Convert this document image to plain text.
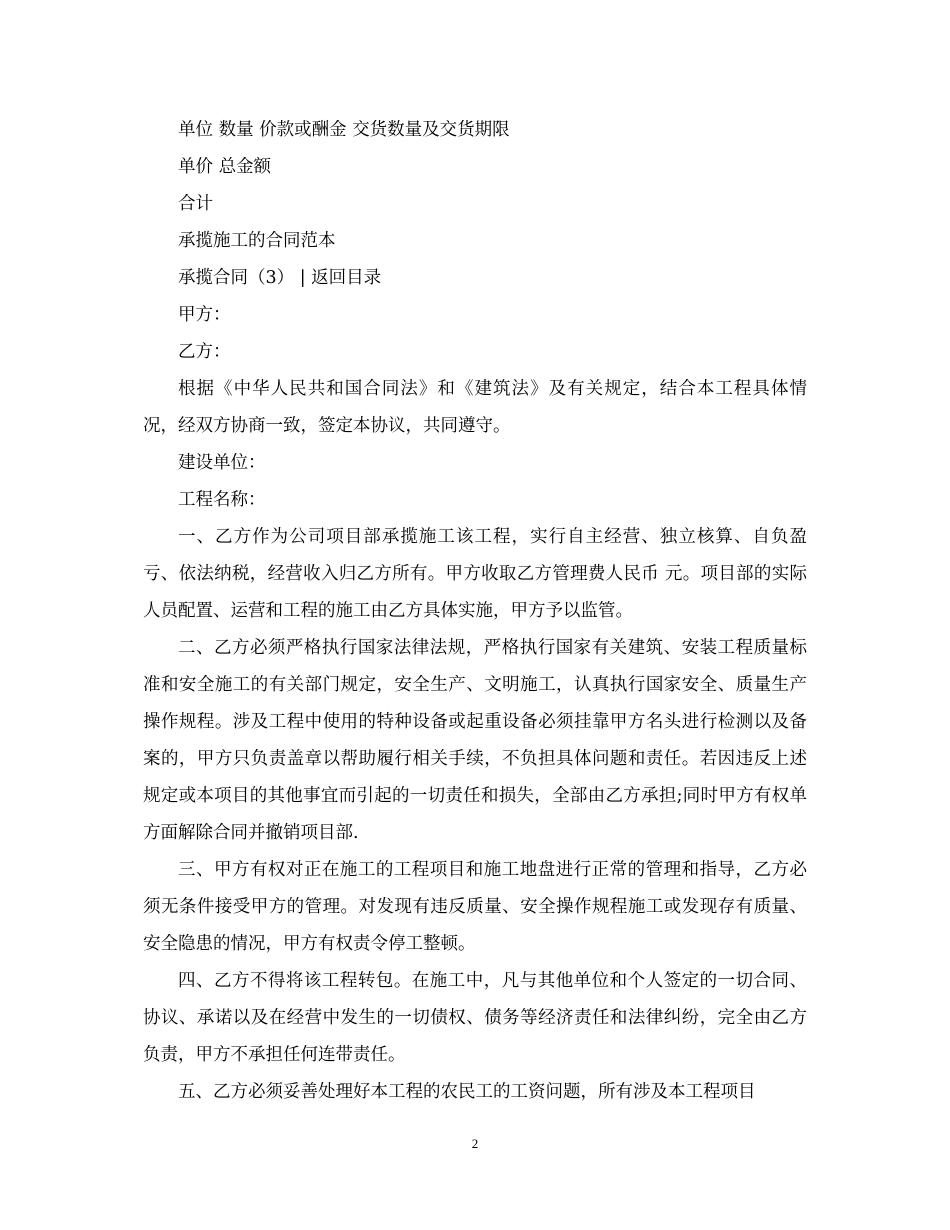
单位 数量 价款或酬金 交货数量及交货期限

单价 总金额

合计

承揽施工的合同范本

承揽合同（3） | 返回目录

甲方：

乙方：

根据《中华人民共和国合同法》和《建筑法》及有关规定，结合本工程具体情况，经双方协商一致，签定本协议，共同遵守。

建设单位：

工程名称：

一、乙方作为公司项目部承揽施工该工程，实行自主经营、独立核算、自负盈亏、依法纳税，经营收入归乙方所有。甲方收取乙方管理费人民币 元。项目部的实际人员配置、运营和工程的施工由乙方具体实施，甲方予以监管。

二、乙方必须严格执行国家法律法规，严格执行国家有关建筑、安装工程质量标准和安全施工的有关部门规定，安全生产、文明施工，认真执行国家安全、质量生产操作规程。涉及工程中使用的特种设备或起重设备必须挂靠甲方名头进行检测以及备案的，甲方只负责盖章以帮助履行相关手续，不负担具体问题和责任。若因违反上述规定或本项目的其他事宜而引起的一切责任和损失，全部由乙方承担;同时甲方有权单方面解除合同并撤销项目部.

三、甲方有权对正在施工的工程项目和施工地盘进行正常的管理和指导，乙方必须无条件接受甲方的管理。对发现有违反质量、安全操作规程施工或发现存有质量、安全隐患的情况，甲方有权责令停工整顿。

四、乙方不得将该工程转包。在施工中，凡与其他单位和个人签定的一切合同、协议、承诺以及在经营中发生的一切债权、债务等经济责任和法律纠纷，完全由乙方负责，甲方不承担任何连带责任。

五、乙方必须妥善处理好本工程的农民工的工资问题，所有涉及本工程项目

2
